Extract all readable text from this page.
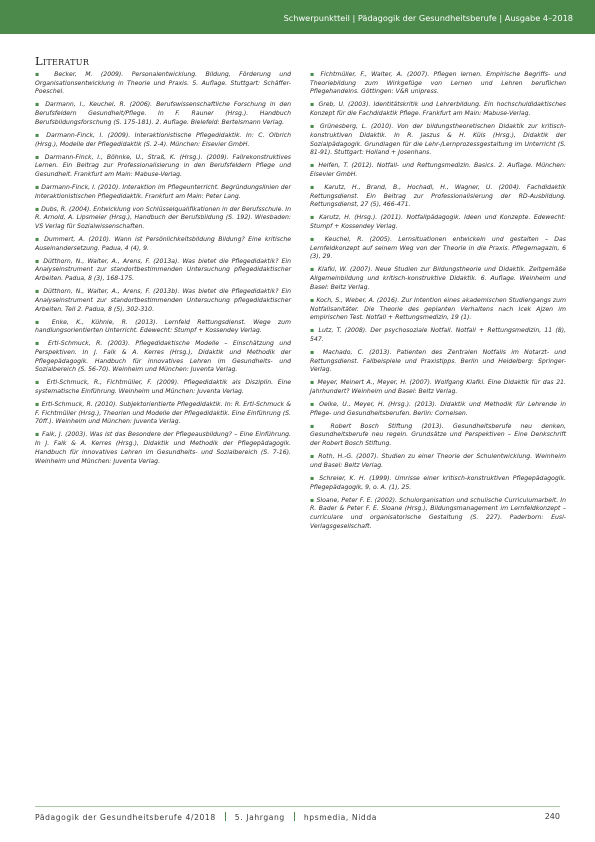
Schwerpunktteil | Pädagogik der Gesundheitsberufe | Ausgabe 4–2018
Literatur

▪ Becker, M. (2009). Personalentwicklung. Bildung, Förderung und Organisationsentwicklung in Theorie und Praxis. 5. Auflage. Stuttgart: Schäffer-Poeschel.

▪ Darmann, I., Keuchel, R. (2006). Berufswissenschaftliche Forschung in den Berufsfeldern Gesundheit/Pflege. In F. Rauner (Hrsg.). Handbuch Berufsbildungsforschung (S. 175-181). 2. Auflage. Bielefeld: Bertelsmann Verlag.

▪ Darmann-Finck, I. (2009). Interaktionistische Pflegedidaktik. In: C. Olbrich (Hrsg.), Modelle der Pflegedidaktik (S. 2-4). München: Elsevier GmbH.

▪ Darmann-Finck, I., Böhnke, U., Straß, K. (Hrsg.). (2009). Fallrekonstruktives Lernen. Ein Beitrag zur Professionalisierung in den Berufsfeldern Pflege und Gesundheit. Frankfurt am Main: Mabuse-Verlag.

▪ Darmann-Finck, I. (2010). Interaktion im Pflegeunterricht. Begründungslinien der Interaktionistischen Pflegedidaktik. Frankfurt am Main: Peter Lang.

▪ Dubs, R. (2004). Entwicklung von Schlüsselqualifikationen in der Berufsschule. In R. Arnold, A. Lipsmeier (Hrsg.), Handbuch der Berufsbildung (S. 192). Wiesbaden: VS Verlag für Sozialwissenschaften.

▪ Dummert, A. (2010). Wann ist Persönlichkeitsbildung Bildung? Eine kritische Auseinandersetzung. Padua, 4 (4), 9.

▪ Dütthorn, N., Walter, A., Arens, F. (2013a). Was bietet die Pflegedidaktik? Ein Analyseinstrument zur standortbestimmenden Untersuchung pflegedidaktischer Arbeiten. Padua, 8 (3), 168-175.

▪ Dütthorn, N., Walter, A., Arens, F. (2013b). Was bietet die Pflegedidaktik? Ein Analyseinstrument zur standortbestimmenden Untersuchung pflegedidaktischer Arbeiten. Teil 2. Padua, 8 (5), 302-310.

▪ Enke, K., Kühnle, R. (2013). Lernfeld Rettungsdienst. Wege zum handlungsorientierten Unterricht. Edewecht: Stumpf + Kossendey Verlag.

▪ Ertl-Schmuck, R. (2003). Pflegedidaktische Modelle – Einschätzung und Perspektiven. In J. Falk & A. Kerres (Hrsg.), Didaktik und Methodik der Pflegepädagogik. Handbuch für innovatives Lehren im Gesundheits- und Sozialbereich (S. 56-70). Weinheim und München: Juventa Verlag.

▪ Ertl-Schmuck, R., Fichtmüller, F. (2009). Pflegedidaktik als Disziplin. Eine systematische Einführung. Weinheim und München: Juventa Verlag.

▪ Ertl-Schmuck, R. (2010). Subjektorientierte Pflegedidaktik. In: R. Ertl-Schmuck & F. Fichtmüller (Hrsg.), Theorien und Modelle der Pflegedidaktik. Eine Einführung (S. 70ff.). Weinheim und München: Juventa Verlag.

▪ Falk, J. (2003). Was ist das Besondere der Pflegeausbildung? – Eine Einführung. In J. Falk & A. Kerres (Hrsg.), Didaktik und Methodik der Pflegepädagogik. Handbuch für innovatives Lehren im Gesundheits- und Sozialbereich (S. 7-16). Weinheim und München: Juventa Verlag.

▪ Fichtmüller, F., Walter, A. (2007). Pflegen lernen. Empirische Begriffs- und Theoriebildung zum Wirkgefüge von Lernen und Lehren beruflichen Pflegehandelns. Göttingen: V&R unipress.

▪ Greb, U. (2003). Identitätskritik und Lehrerbildung. Ein hochschuldidaktisches Konzept für die Fachdidaktik Pflege. Frankfurt am Main: Mabuse-Verlag.

▪ Grünesberg, L. (2010). Von der bildungstheoretischen Didaktik zur kritisch-konstruktiven Didaktik. In R. Jaszus & H. Küls (Hrsg.), Didaktik der Sozialpädagogik. Grundlagen für die Lehr-/Lernprozessgestaltung im Unterricht (S. 81-91). Stuttgart: Holland + Josenhans.

▪ Helfen, T. (2012). Notfall- und Rettungsmedizin. Basics. 2. Auflage. München: Elsevier GmbH.

▪ Karutz, H., Brand, B., Hochadl, H., Wagner, U. (2004). Fachdidaktik Rettungsdienst. Ein Beitrag zur Professionalisierung der RD-Ausbildung. Rettungsdienst, 27 (5), 466-471.

▪ Karutz, H. (Hrsg.). (2011). Notfallpädagogik. Ideen und Konzepte. Edewecht: Stumpf + Kossendey Verlag.

▪ Keuchel, R. (2005). Lernsituationen entwickeln und gestalten – Das Lernfeldkonzept auf seinem Weg von der Theorie in die Praxis. Pflegemagazin, 6 (3), 29.

▪ Klafki, W. (2007). Neue Studien zur Bildungstheorie und Didaktik. Zeitgemäße Allgemeinbildung und kritisch-konstruktive Didaktik. 6. Auflage. Weinheim und Basel: Beltz Verlag.

▪ Koch, S., Weber, A. (2016). Zur Intention eines akademischen Studiengangs zum Notfallsanitäter. Die Theorie des geplanten Verhaltens nach Icek Ajzen im empirischen Test. Notfall + Rettungsmedizin, 19 (1).

▪ Lutz, T. (2008). Der psychosoziale Notfall. Notfall + Rettungsmedizin, 11 (8), 547.

▪ Machado, C. (2013). Patienten des Zentralen Notfalls im Notarzt- und Rettungsdienst. Fallbeispiele und Praxistipps. Berlin und Heidelberg: Springer-Verlag.

▪ Meyer, Meinert A., Meyer, H. (2007). Wolfgang Klafki. Eine Didaktik für das 21. Jahrhundert? Weinheim und Basel: Beltz Verlag.

▪ Oelke, U., Meyer, H. (Hrsg.). (2013). Didaktik und Methodik für Lehrende in Pflege- und Gesundheitsberufen. Berlin: Cornelsen.

▪ Robert Bosch Stiftung (2013). Gesundheitsberufe neu denken, Gesundheitsberufe neu regeln. Grundsätze und Perspektiven – Eine Denkschrift der Robert Bosch Stiftung.

▪ Roth, H.-G. (2007). Studien zu einer Theorie der Schulentwicklung. Weinheim und Basel: Beltz Verlag.

▪ Schreier, K. H. (1999). Umrisse einer kritisch-konstruktiven Pflegepädagogik. Pflegepädagogik, 9, o. A. (1), 25.

▪ Sloane, Peter F. E. (2002). Schulorganisation und schulische Curriculumarbeit. In R. Bader & Peter F. E. Sloane (Hrsg.), Bildungsmanagement im Lernfeldkonzept – curriculare und organisatorische Gestaltung (S. 227). Paderborn: Eusl-Verlagsgesellschaft.

Pädagogik der Gesundheitsberufe 4/2018	5. Jahrgang	hpsmedia, Nidda	240
